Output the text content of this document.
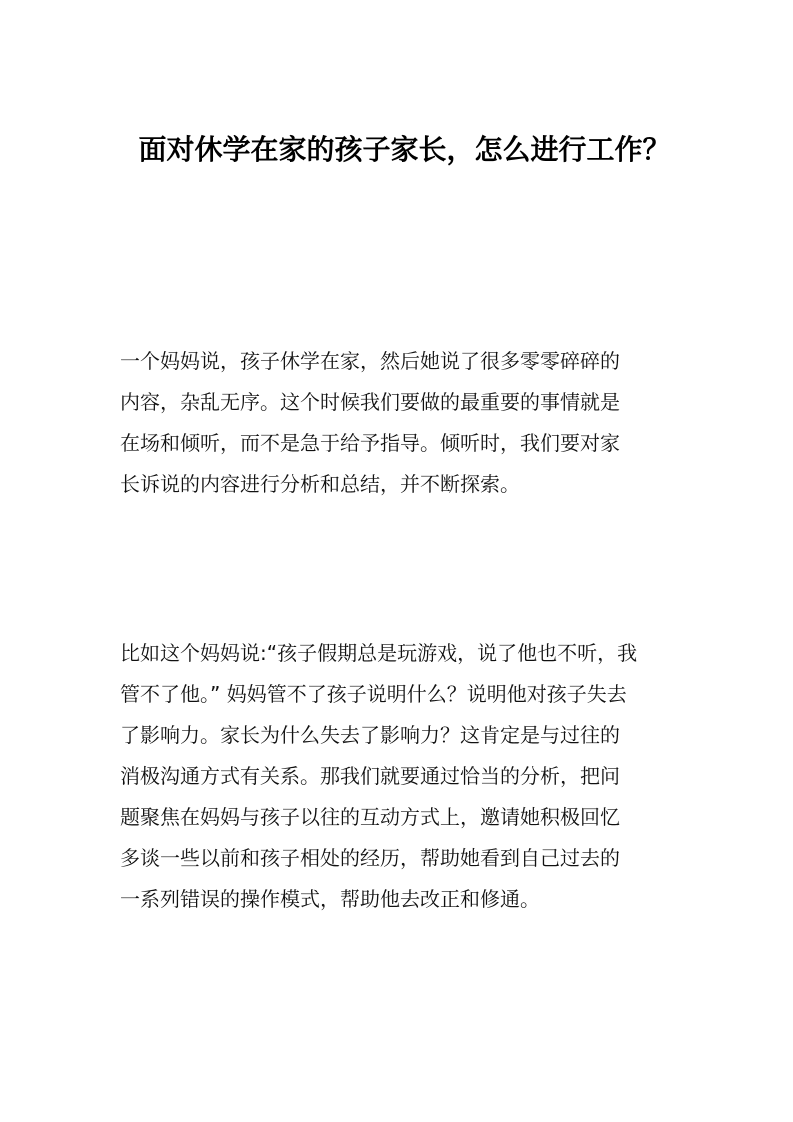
面对休学在家的孩子家长，怎么进行工作？

一个妈妈说，孩子休学在家，然后她说了很多零零碎碎的
内容，杂乱无序。这个时候我们要做的最重要的事情就是
在场和倾听，而不是急于给予指导。倾听时，我们要对家
长诉说的内容进行分析和总结，并不断探索。

比如这个妈妈说:“孩子假期总是玩游戏，说了他也不听，我
管不了他。” 妈妈管不了孩子说明什么？说明他对孩子失去
了影响力。家长为什么失去了影响力？这肯定是与过往的
消极沟通方式有关系。那我们就要通过恰当的分析，把问
题聚焦在妈妈与孩子以往的互动方式上，邀请她积极回忆
多谈一些以前和孩子相处的经历，帮助她看到自己过去的
一系列错误的操作模式，帮助他去改正和修通。
